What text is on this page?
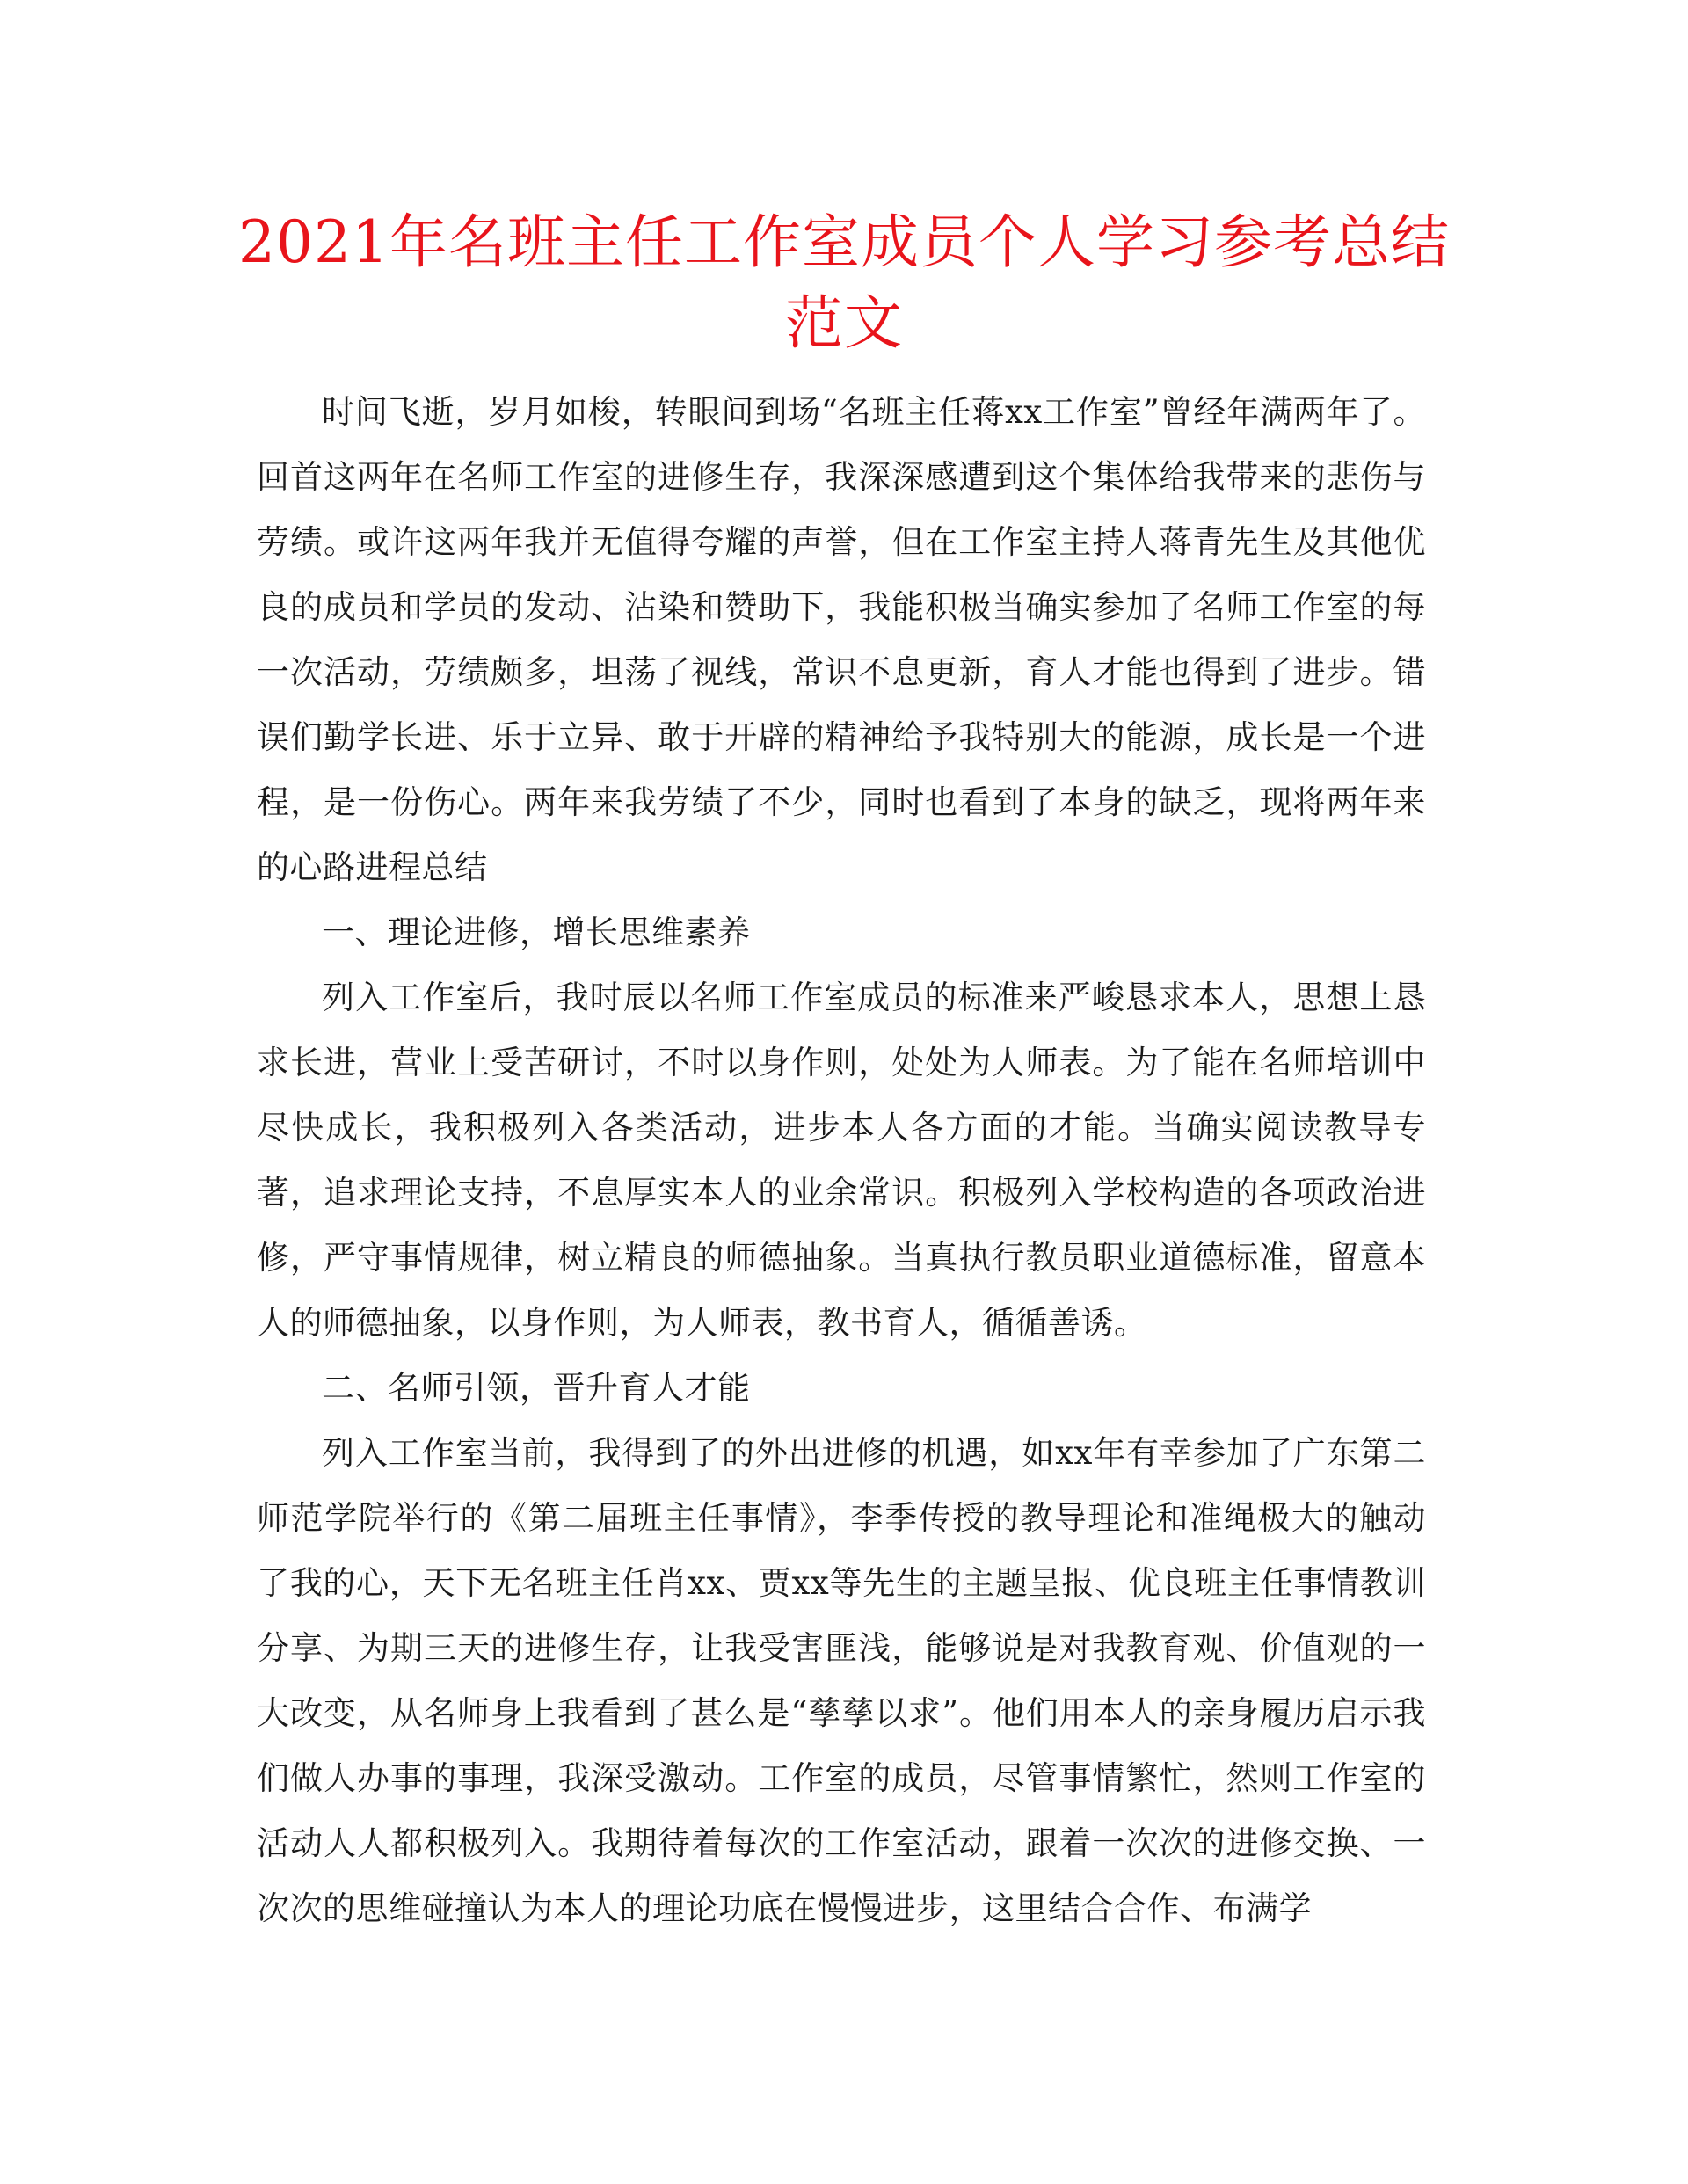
2021年名班主任工作室成员个人学习参考总结范文

时间飞逝，岁月如梭，转眼间到场“名班主任蒋xx工作室”曾经年满两年了。回首这两年在名师工作室的进修生存，我深深感遭到这个集体给我带来的悲伤与劳绩。或许这两年我并无值得夸耀的声誉，但在工作室主持人蒋青先生及其他优良的成员和学员的发动、沾染和赞助下，我能积极当确实参加了名师工作室的每一次活动，劳绩颇多，坦荡了视线，常识不息更新，育人才能也得到了进步。错误们勤学长进、乐于立异、敢于开辟的精神给予我特别大的能源，成长是一个进程，是一份伤心。两年来我劳绩了不少，同时也看到了本身的缺乏，现将两年来的心路进程总结

一、理论进修，增长思维素养

列入工作室后，我时辰以名师工作室成员的标准来严峻恳求本人，思想上恳求长进，营业上受苦研讨，不时以身作则，处处为人师表。为了能在名师培训中尽快成长，我积极列入各类活动，进步本人各方面的才能。当确实阅读教导专著，追求理论支持，不息厚实本人的业余常识。积极列入学校构造的各项政治进修，严守事情规律，树立精良的师德抽象。当真执行教员职业道德标准，留意本人的师德抽象，以身作则，为人师表，教书育人，循循善诱。

二、名师引领，晋升育人才能

列入工作室当前，我得到了的外出进修的机遇，如xx年有幸参加了广东第二师范学院举行的《第二届班主任事情》，李季传授的教导理论和准绳极大的触动了我的心，天下无名班主任肖xx、贾xx等先生的主题呈报、优良班主任事情教训分享、为期三天的进修生存，让我受害匪浅，能够说是对我教育观、价值观的一大改变，从名师身上我看到了甚么是“孳孳以求”。他们用本人的亲身履历启示我们做人办事的事理，我深受激动。工作室的成员，尽管事情繁忙，然则工作室的活动人人都积极列入。我期待着每次的工作室活动，跟着一次次的进修交换、一次次的思维碰撞认为本人的理论功底在慢慢进步，这里结合合作、布满学
